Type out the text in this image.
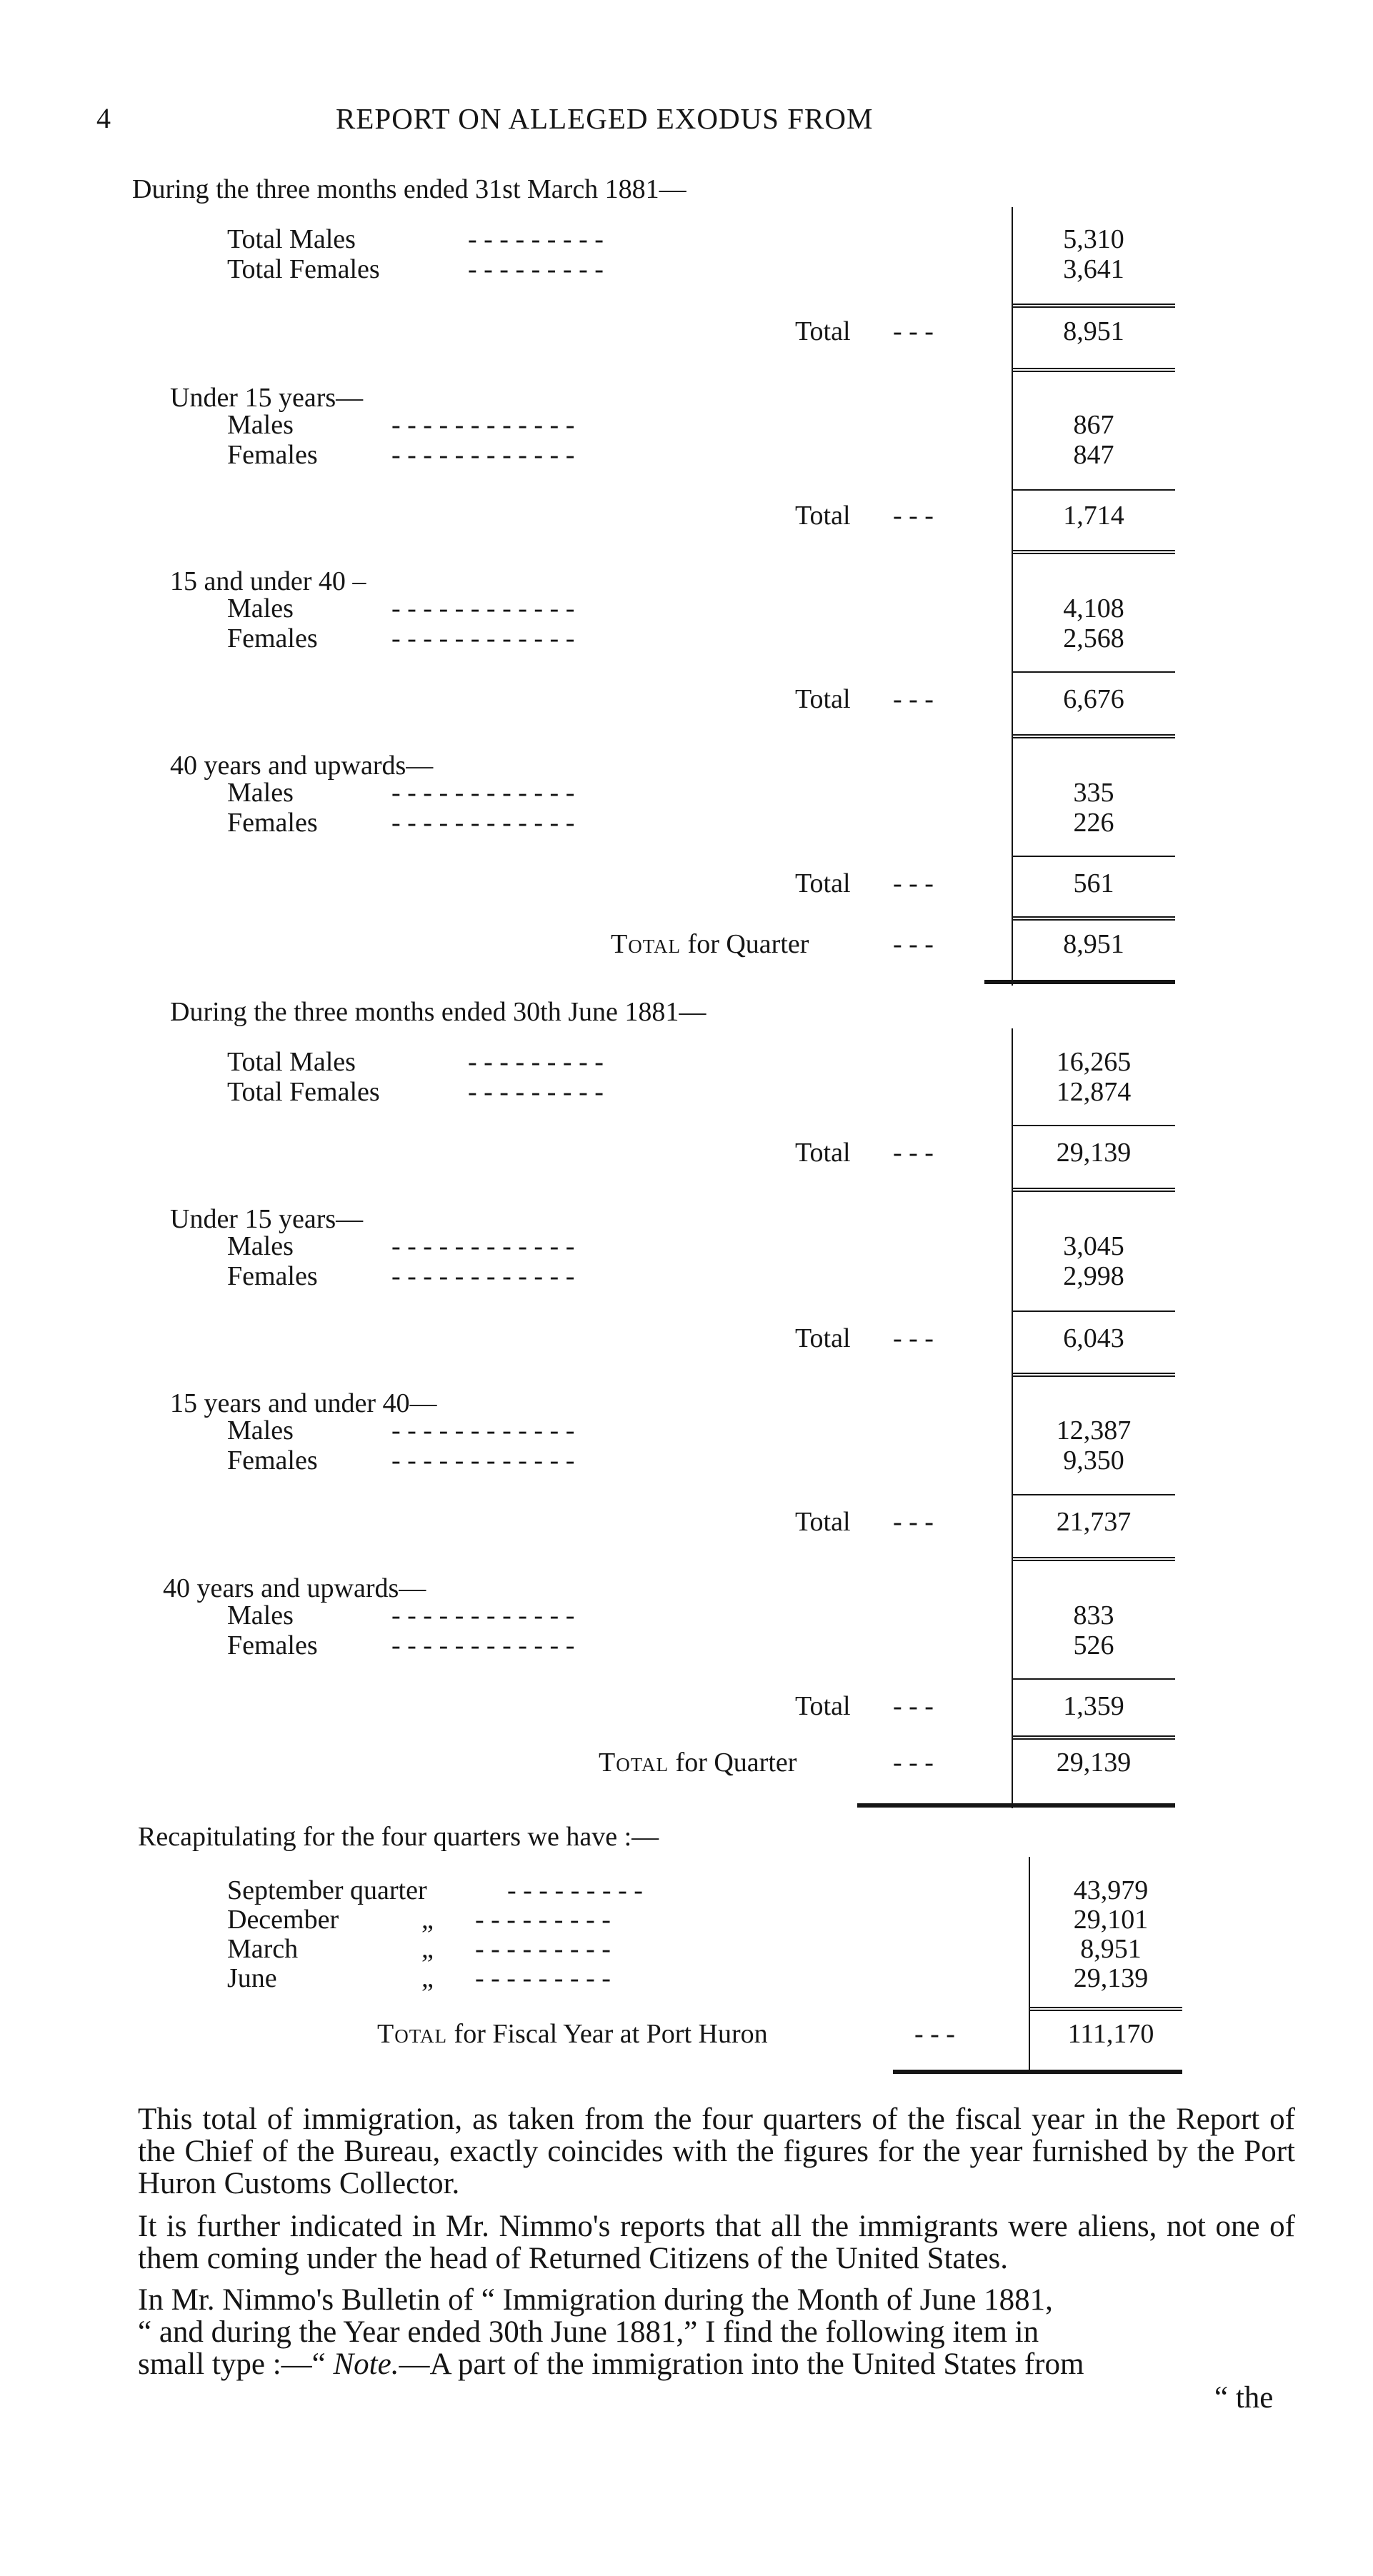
4	REPORT ON ALLEGED EXODUS FROM
During the three months ended 31st March 1881—
Total Males	- - - - - - - - -	5,310
Total Females	- - - - - - - - -	3,641
Total - - -	8,951
Under 15 years—
Males	- - - - - - - - - - - -	867
Females	- - - - - - - - - - - -	847
Total - - -	1,714
15 and under 40 –
Males	- - - - - - - - - - - -	4,108
Females	- - - - - - - - - - - -	2,568
Total - - -	6,676
40 years and upwards—
Males	- - - - - - - - - - - -	335
Females	- - - - - - - - - - - -	226
Total - - -	561
Total for Quarter	- - -	8,951
During the three months ended 30th June 1881—
Total Males	- - - - - - - - -	16,265
Total Females	- - - - - - - - -	12,874
Total - - -	29,139
Under 15 years—
Males	- - - - - - - - - - - -	3,045
Females	- - - - - - - - - - - -	2,998
Total - - -	6,043
15 years and under 40—
Males	- - - - - - - - - - - -	12,387
Females	- - - - - - - - - - - -	9,350
Total - - -	21,737
40 years and upwards—
Males	- - - - - - - - - - - -	833
Females	- - - - - - - - - - - -	526
Total - - -	1,359
Total for Quarter	- - -	29,139
Recapitulating for the four quarters we have :—
September quarter	- - - - - - - - -	43,979
December	„ - - - - - - - - -	29,101
March	„ - - - - - - - - -	8,951
June	„ - - - - - - - - -	29,139
Total for Fiscal Year at Port Huron	- - -	111,170
This total of immigration, as taken from the four quarters of the fiscal year in the Report of the Chief of the Bureau, exactly coincides with the figures for the year furnished by the Port Huron Customs Collector.
It is further indicated in Mr. Nimmo's reports that all the immigrants were aliens, not one of them coming under the head of Returned Citizens of the United States.
In Mr. Nimmo's Bulletin of “ Immigration during the Month of June 1881,
“ and during the Year ended 30th June 1881,” I find the following item in
small type :—“ Note.—A part of the immigration into the United States from
“ the
